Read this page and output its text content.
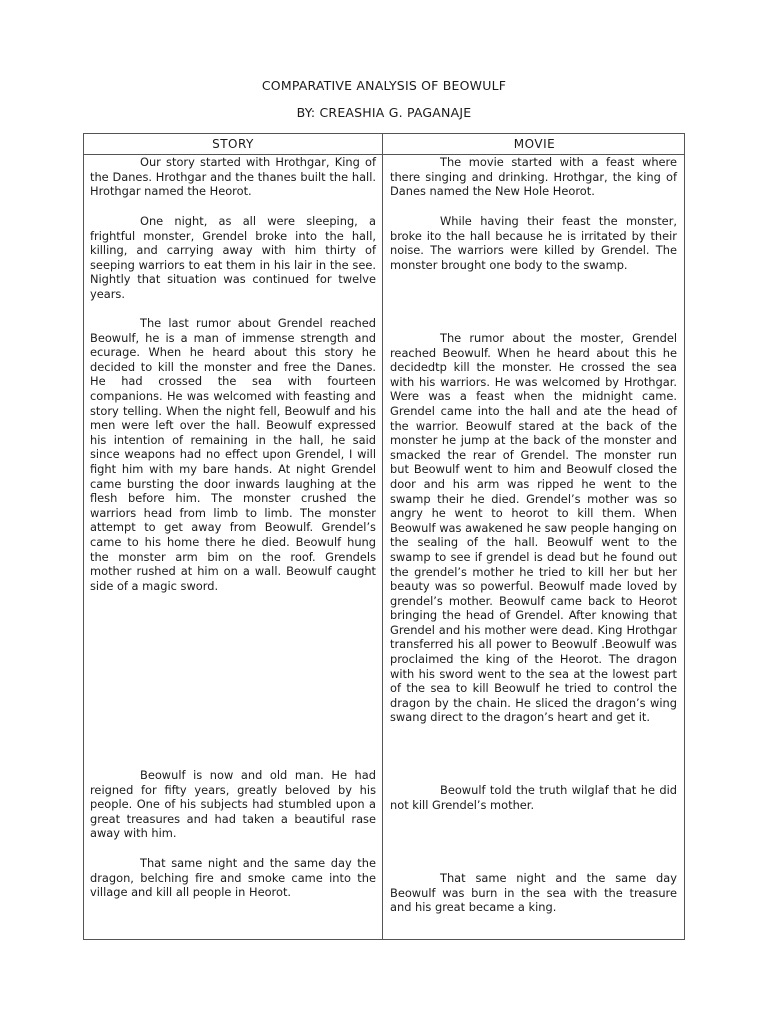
COMPARATIVE ANALYSIS OF BEOWULF
BY: CREASHIA G. PAGANAJE
STORY	MOVIE

Our story started with Hrothgar, King of the Danes. Hrothgar and the thanes built the hall. Hrothgar named the Heorot.

One night, as all were sleeping, a frightful monster, Grendel broke into the hall, killing, and carrying away with him thirty of seeping warriors to eat them in his lair in the see. Nightly that situation was continued for twelve years.

The last rumor about Grendel reached Beowulf, he is a man of immense strength and ecurage. When he heard about this story he decided to kill the monster and free the Danes. He had crossed the sea with fourteen companions. He was welcomed with feasting and story telling. When the night fell, Beowulf and his men were left over the hall. Beowulf expressed his intention of remaining in the hall, he said since weapons had no effect upon Grendel, I will fight him with my bare hands. At night Grendel came bursting the door inwards laughing at the flesh before him. The monster crushed the warriors head from limb to limb. The monster attempt to get away from Beowulf. Grendel’s came to his home there he died. Beowulf hung the monster arm bim on the roof. Grendels mother rushed at him on a wall. Beowulf caught side of a magic sword.

Beowulf is now and old man. He had reigned for fifty years, greatly beloved by his people. One of his subjects had stumbled upon a great treasures and had taken a beautiful rase away with him.

That same night and the same day the dragon, belching fire and smoke came into the village and kill all people in Heorot.

The movie started with a feast where there singing and drinking. Hrothgar, the king of Danes named the New Hole Heorot.

While having their feast the monster, broke ito the hall because he is irritated by their noise. The warriors were killed by Grendel. The monster brought one body to the swamp.

The rumor about the moster, Grendel reached Beowulf. When he heard about this he decidedtp kill the monster. He crossed the sea with his warriors. He was welcomed by Hrothgar. Were was a feast when the midnight came. Grendel came into the hall and ate the head of the warrior. Beowulf stared at the back of the monster he jump at the back of the monster and smacked the rear of Grendel. The monster run but Beowulf went to him and Beowulf closed the door and his arm was ripped he went to the swamp their he died. Grendel’s mother was so angry he went to heorot to kill them. When Beowulf was awakened he saw people hanging on the sealing of the hall. Beowulf went to the swamp to see if grendel is dead but he found out the grendel’s mother he tried to kill her but her beauty was so powerful. Beowulf made loved by grendel’s mother. Beowulf came back to Heorot bringing the head of Grendel. After knowing that Grendel and his mother were dead. King Hrothgar transferred his all power to Beowulf .Beowulf was proclaimed the king of the Heorot. The dragon with his sword went to the sea at the lowest part of the sea to kill Beowulf he tried to control the dragon by the chain. He sliced the dragon’s wing swang direct to the dragon’s heart and get it.

Beowulf told the truth wilglaf that he did not kill Grendel’s mother.

That same night and the same day Beowulf was burn in the sea with the treasure and his great became a king.
